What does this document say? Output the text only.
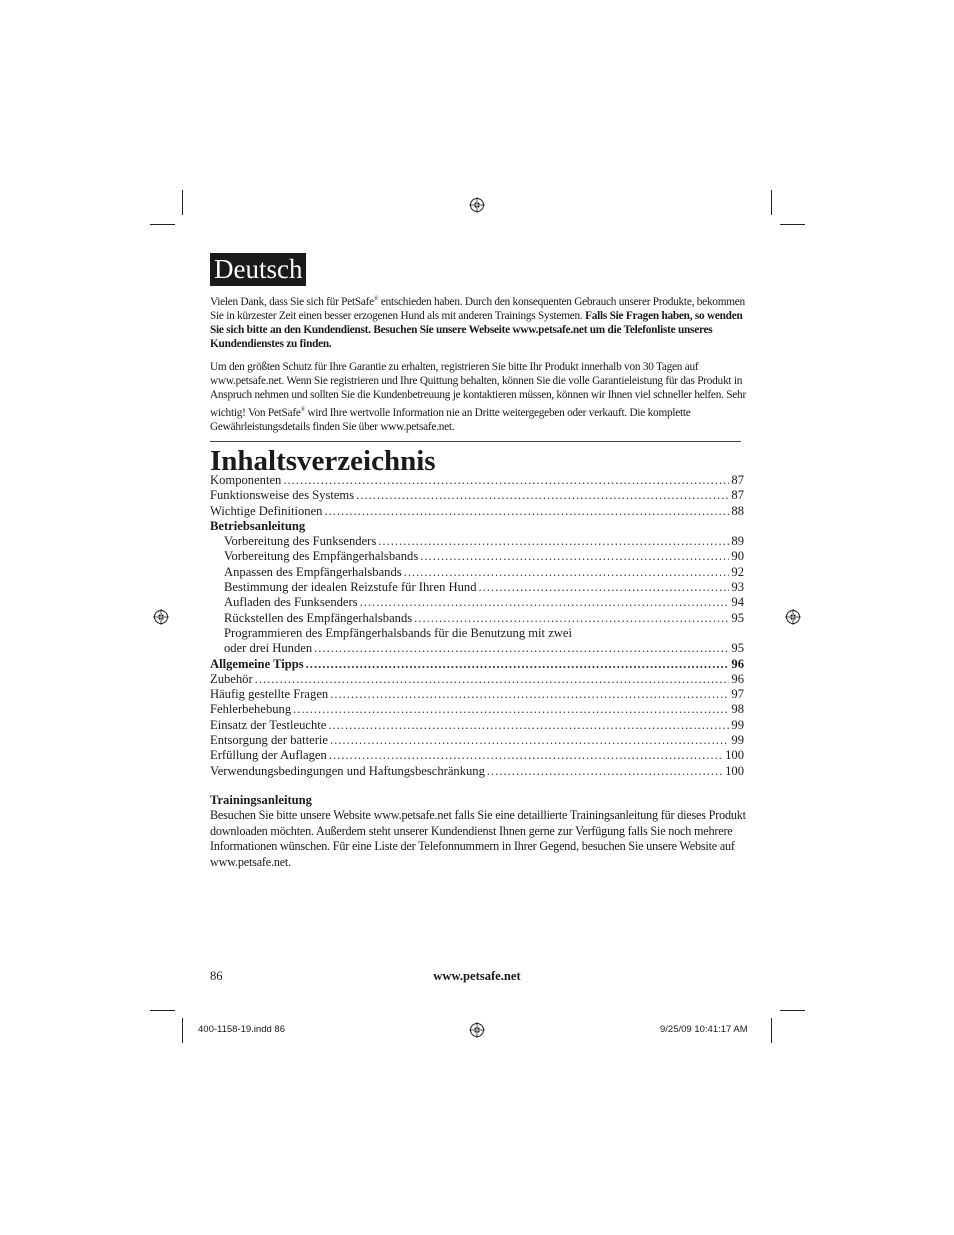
Deutsch
Vielen Dank, dass Sie sich für PetSafe® entschieden haben. Durch den konsequenten Gebrauch unserer Produkte, bekommen Sie in kürzester Zeit einen besser erzogenen Hund als mit anderen Trainings Systemen. Falls Sie Fragen haben, so wenden Sie sich bitte an den Kundendienst. Besuchen Sie unsere Webseite www.petsafe.net um die Telefonliste unseres Kundendienstes zu finden.
Um den größten Schutz für Ihre Garantie zu erhalten, registrieren Sie bitte Ihr Produkt innerhalb von 30 Tagen auf www.petsafe.net. Wenn Sie registrieren und Ihre Quittung behalten, können Sie die volle Garantieleistung für das Produkt in Anspruch nehmen und sollten Sie die Kundenbetreuung je kontaktieren müssen, können wir Ihnen viel schneller helfen. Sehr wichtig! Von PetSafe® wird Ihre wertvolle Information nie an Dritte weitergegeben oder verkauft. Die komplette Gewährleistungsdetails finden Sie über www.petsafe.net.
Inhaltsverzeichnis
Komponenten .....	87
Funktionsweise des Systems .....	87
Wichtige Definitionen .....	88
Betriebsanleitung
Vorbereitung des Funksenders .....	89
Vorbereitung des Empfängerhalsbands .....	90
Anpassen des Empfängerhalsbands .....	92
Bestimmung der idealen Reizstufe für Ihren Hund .....	93
Aufladen des Funksenders .....	94
Rückstellen des Empfängerhalsbands .....	95
Programmieren des Empfängerhalsbands für die Benutzung mit zwei
oder drei Hunden .....	95
Allgemeine Tipps .....	96
Zubehör .....	96
Häufig gestellte Fragen .....	97
Fehlerbehebung .....	98
Einsatz der Testleuchte .....	99
Entsorgung der batterie .....	99
Erfüllung der Auflagen .....	100
Verwendungsbedingungen und Haftungsbeschränkung .....	100
Trainingsanleitung
Besuchen Sie bitte unsere Website www.petsafe.net falls Sie eine detaillierte Trainingsanleitung für dieses Produkt downloaden möchten. Außerdem steht unserer Kundendienst Ihnen gerne zur Verfügung falls Sie noch mehrere Informationen wünschen. Für eine Liste der Telefonnummern in Ihrer Gegend, besuchen Sie unsere Website auf www.petsafe.net.
86	www.petsafe.net
400-1158-19.indd 86	9/25/09 10:41:17 AM
